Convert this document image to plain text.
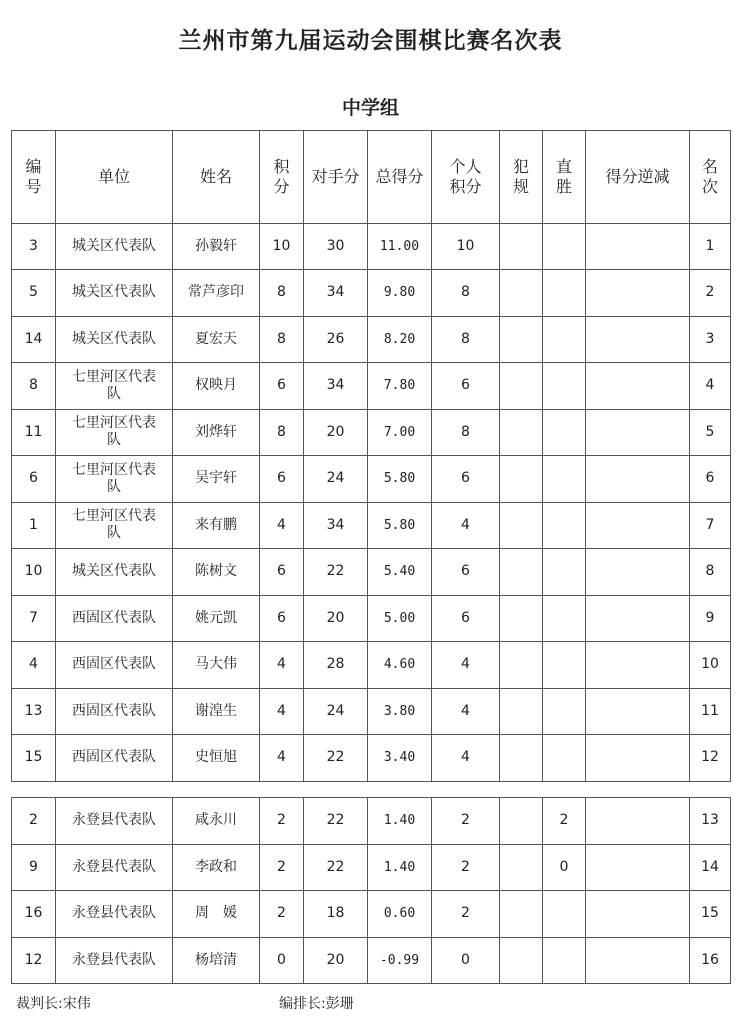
兰州市第九届运动会围棋比赛名次表
中学组
编号	单位	姓名	积分	对手分	总得分	个人积分	犯规	直胜	得分逆减	名次
3	城关区代表队	孙毅轩	10	30	11.00	10				1
5	城关区代表队	常芦彦印	8	34	9.80	8				2
14	城关区代表队	夏宏天	8	26	8.20	8				3
8	七里河区代表队	权映月	6	34	7.80	6				4
11	七里河区代表队	刘烨轩	8	20	7.00	8				5
6	七里河区代表队	吴宇轩	6	24	5.80	6				6
1	七里河区代表队	来有鹏	4	34	5.80	4				7
10	城关区代表队	陈树文	6	22	5.40	6				8
7	西固区代表队	姚元凯	6	20	5.00	6				9
4	西固区代表队	马大伟	4	28	4.60	4				10
13	西固区代表队	谢湟生	4	24	3.80	4				11
15	西固区代表队	史恒旭	4	22	3.40	4				12
2	永登县代表队	咸永川	2	22	1.40	2		2		13
9	永登县代表队	李政和	2	22	1.40	2		0		14
16	永登县代表队	周　媛	2	18	0.60	2				15
12	永登县代表队	杨培清	0	20	-0.99	0				16
裁判长:宋伟	编排长:彭珊
